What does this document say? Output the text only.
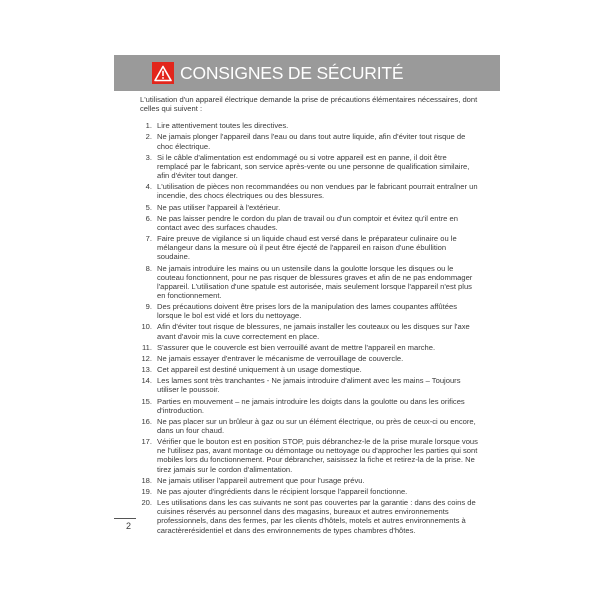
CONSIGNES DE SÉCURITÉ

L'utilisation d'un appareil électrique demande la prise de précautions élémentaires nécessaires, dont celles qui suivent :

1. Lire attentivement toutes les directives.
2. Ne jamais plonger l'appareil dans l'eau ou dans tout autre liquide, afin d'éviter tout risque de choc électrique.
3. Si le câble d'alimentation est endommagé ou si votre appareil est en panne, il doit être remplacé par le fabricant, son service après-vente ou une personne de qualification similaire, afin d'éviter tout danger.
4. L'utilisation de pièces non recommandées ou non vendues par le fabricant pourrait entraîner un incendie, des chocs électriques ou des blessures.
5. Ne pas utiliser l'appareil à l'extérieur.
6. Ne pas laisser pendre le cordon du plan de travail ou d'un comptoir et évitez qu'il entre en contact avec des surfaces chaudes.
7. Faire preuve de vigilance si un liquide chaud est versé dans le préparateur culinaire ou le mélangeur dans la mesure où il peut être éjecté de l'appareil en raison d'une ébullition soudaine.
8. Ne jamais introduire les mains ou un ustensile dans la goulotte lorsque les disques ou le couteau fonctionnent, pour ne pas risquer de blessures graves et afin de ne pas endommager l'appareil. L'utilisation d'une spatule est autorisée, mais seulement lorsque l'appareil n'est plus en fonctionnement.
9. Des précautions doivent être prises lors de la manipulation des lames coupantes affûtées lorsque le bol est vidé et lors du nettoyage.
10. Afin d'éviter tout risque de blessures, ne jamais installer les couteaux ou les disques sur l'axe avant d'avoir mis la cuve correctement en place.
11. S'assurer que le couvercle est bien verrouillé avant de mettre l'appareil en marche.
12. Ne jamais essayer d'entraver le mécanisme de verrouillage de couvercle.
13. Cet appareil est destiné uniquement à un usage domestique.
14. Les lames sont très tranchantes - Ne jamais introduire d'aliment avec les mains – Toujours utiliser le poussoir.
15. Parties en mouvement – ne jamais introduire les doigts dans la goulotte ou dans les orifices d'introduction.
16. Ne pas placer sur un brûleur à gaz ou sur un élément électrique, ou près de ceux-ci ou encore, dans un four chaud.
17. Vérifier que le bouton est en position STOP, puis débranchez-le de la prise murale lorsque vous ne l'utilisez pas, avant montage ou démontage ou nettoyage ou d'approcher les parties qui sont mobiles lors du fonctionnement. Pour débrancher, saisissez la fiche et retirez-la de la prise. Ne tirez jamais sur le cordon d'alimentation.
18. Ne jamais utiliser l'appareil autrement que pour l'usage prévu.
19. Ne pas ajouter d'ingrédients dans le récipient lorsque l'appareil fonctionne.
20. Les utilisations dans les cas suivants ne sont pas couvertes par la garantie : dans des coins de cuisines réservés au personnel dans des magasins, bureaux et autres environnements professionnels, dans des fermes, par les clients d'hôtels, motels et autres environnements à caractèrerésidentiel et dans des environnements de types chambres d'hôtes.
2
